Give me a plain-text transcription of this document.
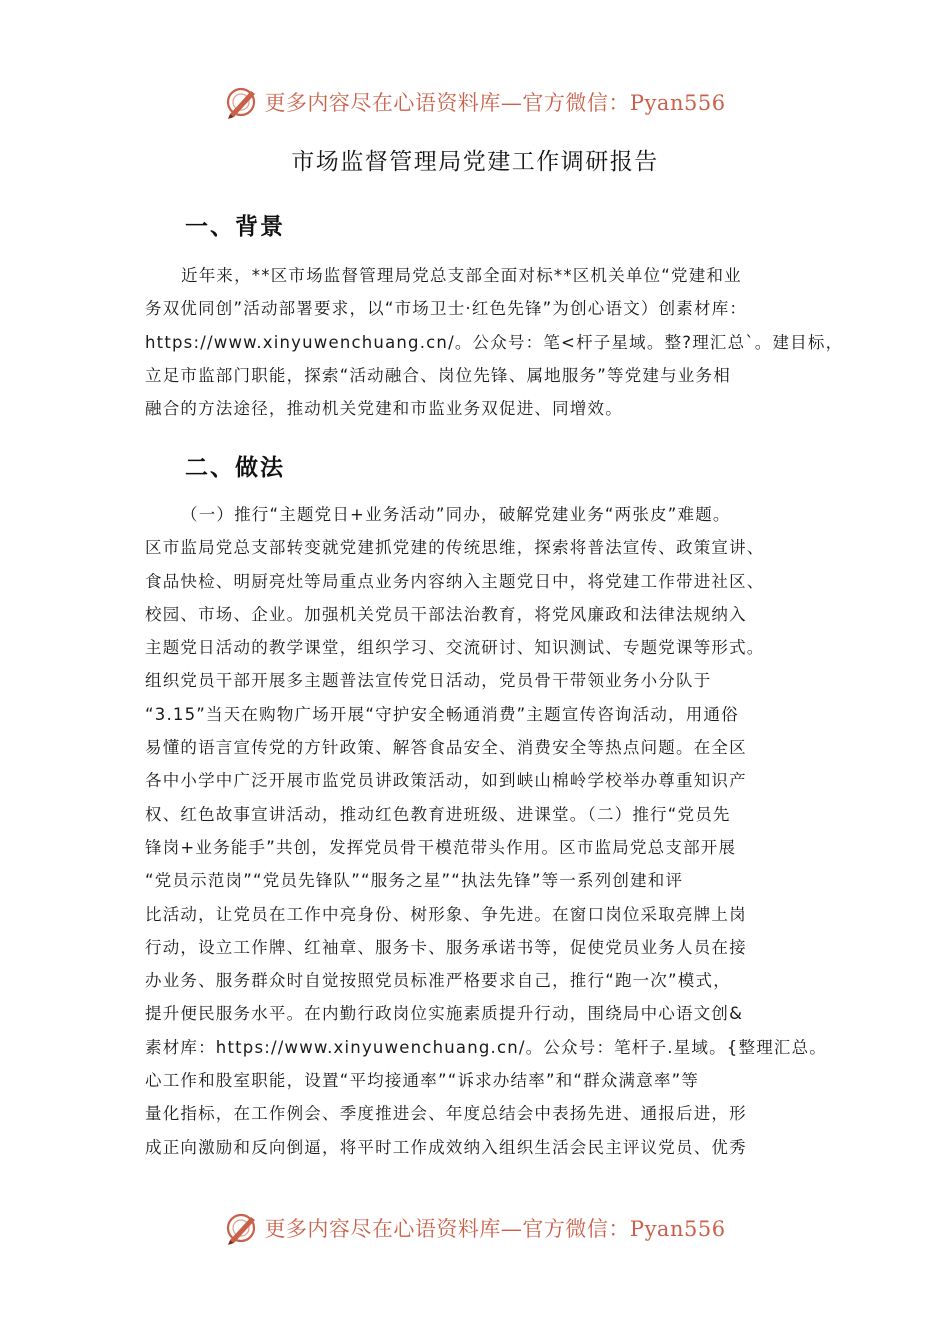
更多内容尽在心语资料库—官方微信：Pyan556
市场监督管理局党建工作调研报告
一、背景

近年来，**区市场监督管理局党总支部全面对标**区机关单位“党建和业
务双优同创”活动部署要求，以“市场卫士·红色先锋”为创心语文）创素材库：
https://www.xinyuwenchuang.cn/。公众号：笔<杆子星域。整?理汇总`。建目标，
立足市监部门职能，探索“活动融合、岗位先锋、属地服务”等党建与业务相
融合的方法途径，推动机关党建和市监业务双促进、同增效。

二、做法

（一）推行“主题党日+业务活动”同办，破解党建业务“两张皮”难题。
区市监局党总支部转变就党建抓党建的传统思维，探索将普法宣传、政策宣讲、
食品快检、明厨亮灶等局重点业务内容纳入主题党日中，将党建工作带进社区、
校园、市场、企业。加强机关党员干部法治教育，将党风廉政和法律法规纳入
主题党日活动的教学课堂，组织学习、交流研讨、知识测试、专题党课等形式。
组织党员干部开展多主题普法宣传党日活动，党员骨干带领业务小分队于
“3.15”当天在购物广场开展“守护安全畅通消费”主题宣传咨询活动，用通俗
易懂的语言宣传党的方针政策、解答食品安全、消费安全等热点问题。在全区
各中小学中广泛开展市监党员讲政策活动，如到峡山棉岭学校举办尊重知识产
权、红色故事宣讲活动，推动红色教育进班级、进课堂。（二）推行“党员先
锋岗+业务能手”共创，发挥党员骨干模范带头作用。区市监局党总支部开展
“党员示范岗”“党员先锋队”“服务之星”“执法先锋”等一系列创建和评
比活动，让党员在工作中亮身份、树形象、争先进。在窗口岗位采取亮牌上岗
行动，设立工作牌、红袖章、服务卡、服务承诺书等，促使党员业务人员在接
办业务、服务群众时自觉按照党员标准严格要求自己，推行“跑一次”模式，
提升便民服务水平。在内勤行政岗位实施素质提升行动，围绕局中心语文创&
素材库：https://www.xinyuwenchuang.cn/。公众号：笔杆子.星域。{整理汇总。
心工作和股室职能，设置“平均接通率”“诉求办结率”和“群众满意率”等
量化指标，在工作例会、季度推进会、年度总结会中表扬先进、通报后进，形
成正向激励和反向倒逼，将平时工作成效纳入组织生活会民主评议党员、优秀

更多内容尽在心语资料库—官方微信：Pyan556
